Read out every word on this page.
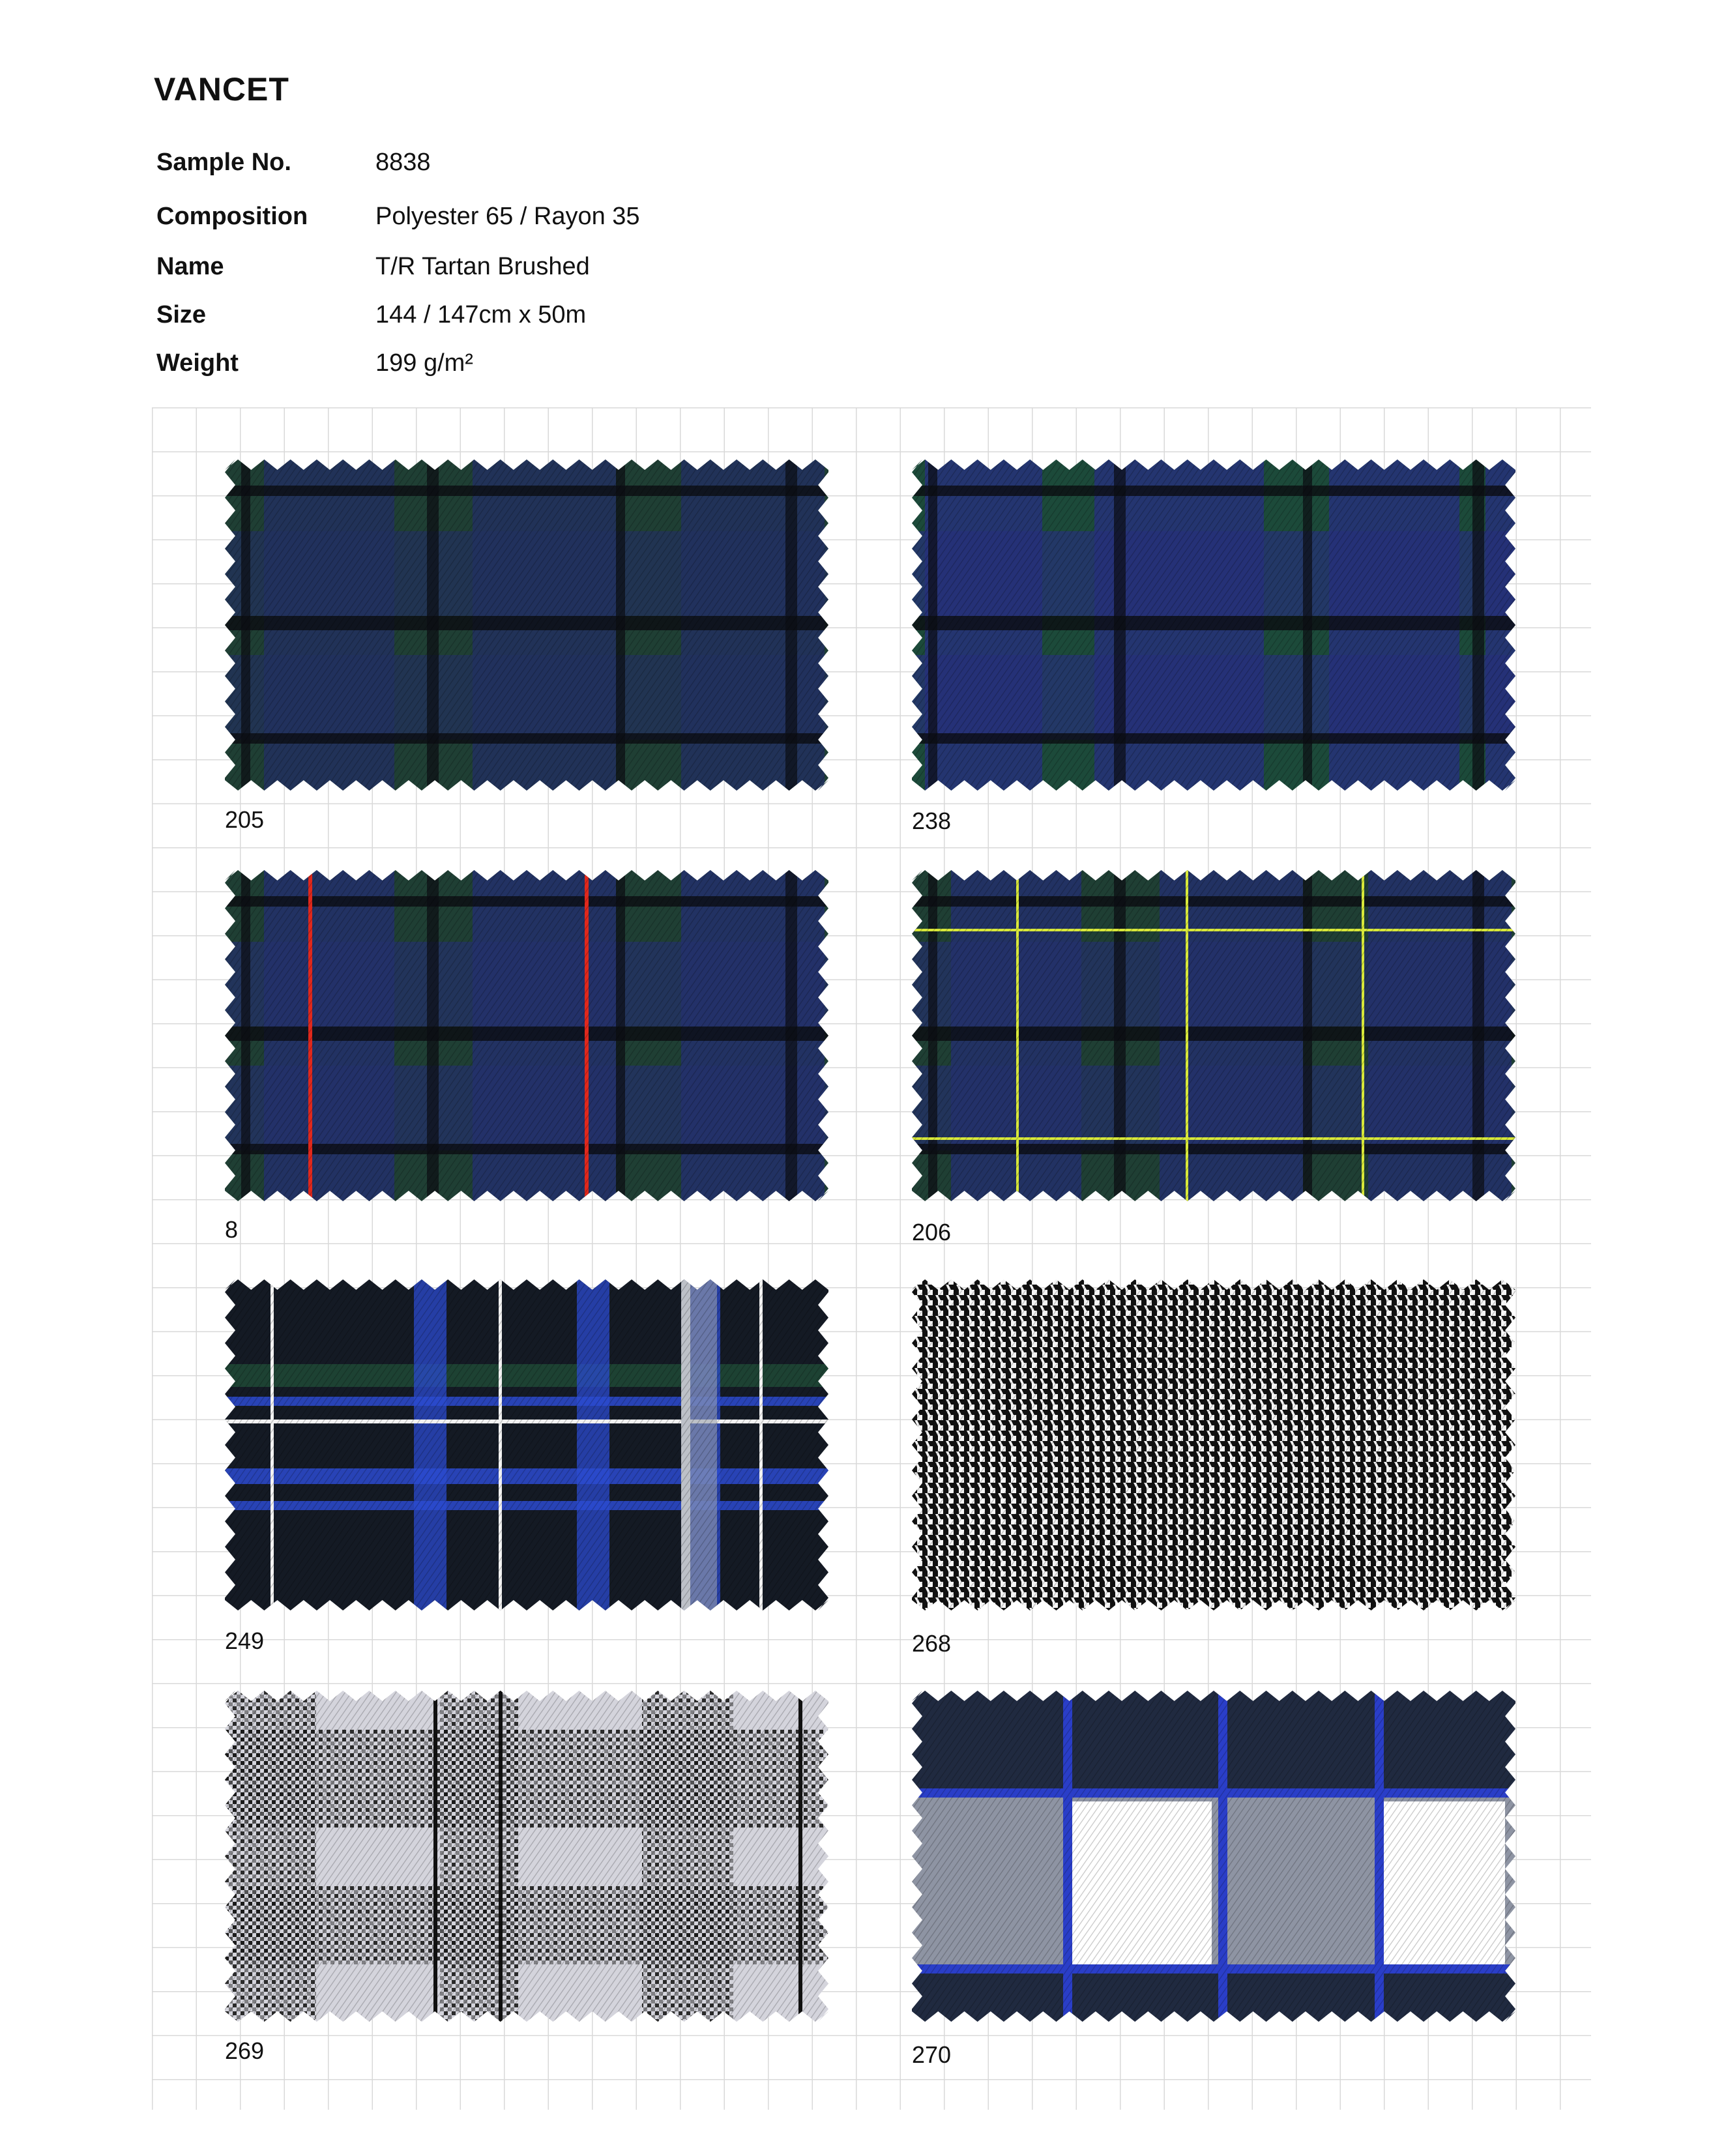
VANCET
Sample No.	8838
Composition	Polyester 65 / Rayon 35
Name	T/R Tartan Brushed
Size	144 / 147cm x 50m
Weight	199 g/m²
205	238
8	206
249	268
269	270
